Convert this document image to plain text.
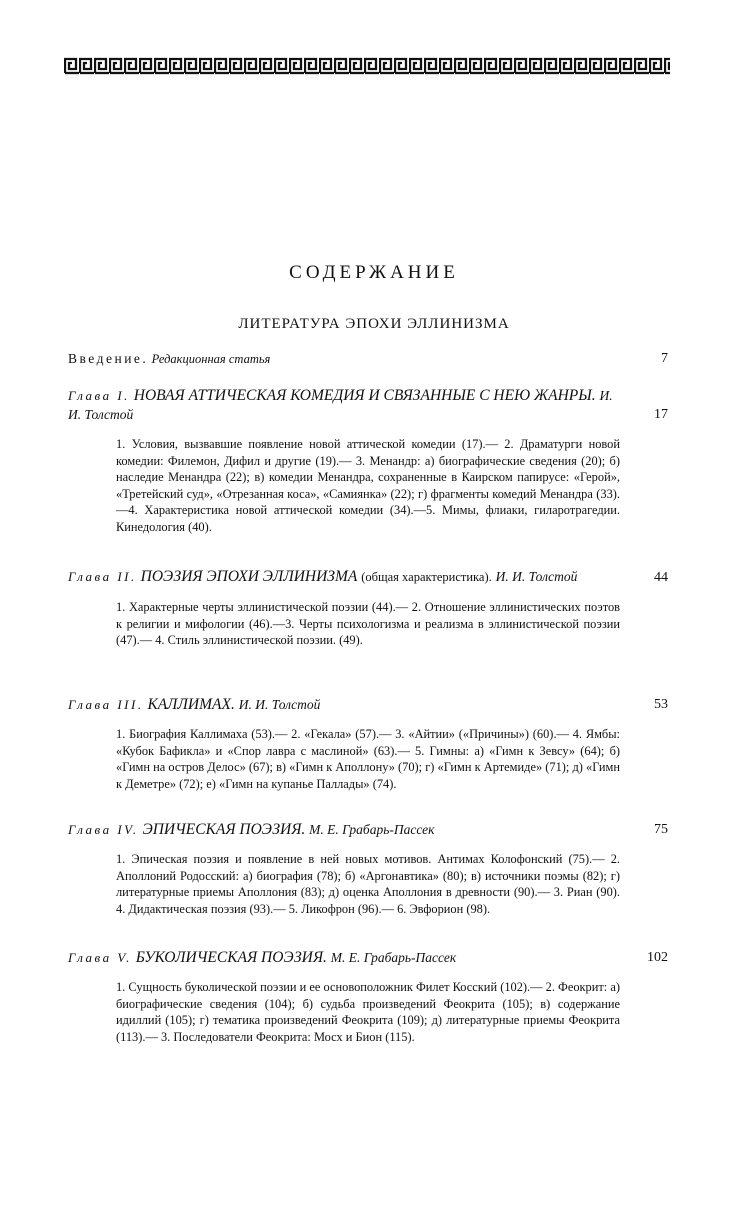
СОДЕРЖАНИЕ
ЛИТЕРАТУРА ЭПОХИ ЭЛЛИНИЗМА
Введение. Редакционная статья	7
Глава I. НОВАЯ АТТИЧЕСКАЯ КОМЕДИЯ И СВЯЗАННЫЕ С НЕЮ ЖАНРЫ. И. И. Толстой	17
1. Условия, вызвавшие появление новой аттической комедии (17).— 2. Драматурги новой комедии: Филемон, Дифил и другие (19).— 3. Менандр: а) биографические сведения (20); б) наследие Менандра (22); в) комедии Менандра, сохраненные в Каирском папирусе: «Герой», «Третейский суд», «Отрезанная коса», «Самиянка» (22); г) фрагменты комедий Менандра (33).—4. Характеристика новой аттической комедии (34).—5. Мимы, флиаки, гиларотрагедии. Кинедология (40).
Глава II. ПОЭЗИЯ ЭПОХИ ЭЛЛИНИЗМА (общая характеристика). И. И. Толстой	44
1. Характерные черты эллинистической поэзии (44).— 2. Отношение эллинистических поэтов к религии и мифологии (46).—3. Черты психологизма и реализма в эллинистической поэзии (47).— 4. Стиль эллинистической поэзии. (49).
Глава III. КАЛЛИМАХ. И. И. Толстой	53
1. Биография Каллимаха (53).— 2. «Гекала» (57).— 3. «Айтии» («Причины») (60).— 4. Ямбы: «Кубок Бафикла» и «Спор лавра с маслиной» (63).— 5. Гимны: а) «Гимн к Зевсу» (64); б) «Гимн на остров Делос» (67); в) «Гимн к Аполлону» (70); г) «Гимн к Артемиде» (71); д) «Гимн к Деметре» (72); е) «Гимн на купанье Паллады» (74).
Глава IV. ЭПИЧЕСКАЯ ПОЭЗИЯ. М. Е. Грабарь-Пассек	75
1. Эпическая поэзия и появление в ней новых мотивов. Антимах Колофонский (75).— 2. Аполлоний Родосский: а) биография (78); б) «Аргонавтика» (80); в) источники поэмы (82); г) литературные приемы Аполлония (83); д) оценка Аполлония в древности (90).— 3. Риан (90). 4. Дидактическая поэзия (93).— 5. Ликофрон (96).— 6. Эвфорион (98).
Глава V. БУКОЛИЧЕСКАЯ ПОЭЗИЯ. М. Е. Грабарь-Пассек	102
1. Сущность буколической поэзии и ее основоположник Филет Косский (102).— 2. Феокрит: а) биографические сведения (104); б) судьба произведений Феокрита (105); в) содержание идиллий (105); г) тематика произведений Феокрита (109); д) литературные приемы Феокрита (113).— 3. Последователи Феокрита: Мосх и Бион (115).
